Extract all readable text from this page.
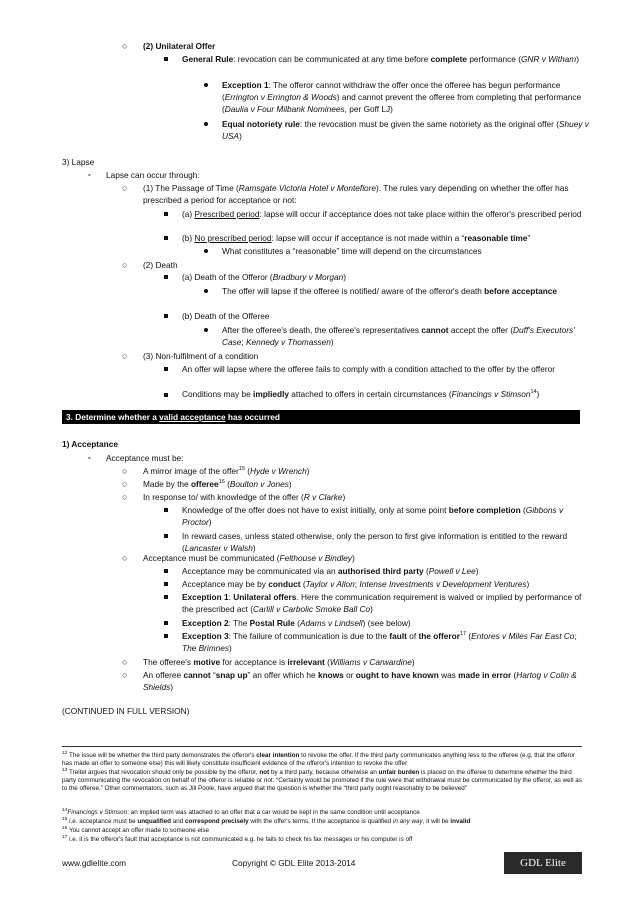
○ (2) Unilateral Offer
General Rule: revocation can be communicated at any time before complete performance (GNR v Witham)
Exception 1: The offeror cannot withdraw the offer once the offeree has begun performance (Errington v Errington & Woods) and cannot prevent the offeree from completing that performance (Daulia v Four Milbank Nominees, per Goff LJ)
Equal notoriety rule: the revocation must be given the same notoriety as the original offer (Shuey v USA)
3) Lapse
- Lapse can occur through:
○ (1) The Passage of Time (Ramsgate Victoria Hotel v Montefiore). The rules vary depending on whether the offer has prescribed a period for acceptance or not:
(a) Prescribed period: lapse will occur if acceptance does not take place within the offeror's prescribed period
(b) No prescribed period: lapse will occur if acceptance is not made within a “reasonable time”
What constitutes a “reasonable” time will depend on the circumstances
○ (2) Death
(a) Death of the Offeror (Bradbury v Morgan)
The offer will lapse if the offeree is notified/ aware of the offeror's death before acceptance
(b) Death of the Offeree
After the offeree's death, the offeree's representatives cannot accept the offer (Duff's Executors' Case; Kennedy v Thomassen)
○ (3) Non-fulfilment of a condition
An offer will lapse where the offeree fails to comply with a condition attached to the offer by the offeror
Conditions may be impliedly attached to offers in certain circumstances (Financings v Stimson$^{14}$)
3. Determine whether a valid acceptance has occurred
1) Acceptance
- Acceptance must be:
○ A mirror image of the offer$^{15}$ (Hyde v Wrench)
○ Made by the offeree$^{16}$ (Boulton v Jones)
○ In response to/ with knowledge of the offer (R v Clarke)
Knowledge of the offer does not have to exist initially, only at some point before completion (Gibbons v Proctor)
In reward cases, unless stated otherwise, only the person to first give information is entitled to the reward (Lancaster v Walsh)
○ Acceptance must be communicated (Felthouse v Bindley)
Acceptance may be communicated via an authorised third party (Powell v Lee)
Acceptance may be by conduct (Taylor v Allon; Intense Investments v Development Ventures)
Exception 1: Unilateral offers. Here the communication requirement is waived or implied by performance of the prescribed act (Carlill v Carbolic Smoke Ball Co)
Exception 2: The Postal Rule (Adams v Lindsell) (see below)
Exception 3: The failure of communication is due to the fault of the offeror$^{17}$ (Entores v Miles Far East Co; The Brimnes)
○ The offeree's motive for acceptance is irrelevant (Williams v Carwardine)
○ An offeree cannot “snap up” an offer which he knows or ought to have known was made in error (Hartog v Colin & Shields)
(CONTINUED IN FULL VERSION)
$^{12}$ The issue will be whether the third party demonstrates the offeror's clear intention to revoke the offer. If the third party communicates anything less to the offeree (e.g. that the offeror has made an offer to someone else) this will likely constitute insufficient evidence of the offeror's intention to revoke the offer
$^{13}$ Treitel argues that revocation should only be possible by the offeror, not by a third party, because otherwise an unfair burden is placed on the offeree to determine whether the third party communicating the revocation on behalf of the offeror is reliable or not: “Certainty would be promoted if the rule were that withdrawal must be communicated by the offeror, as well as to the offeree.” Other commentators, such as Jill Poole, have argued that the question is whether the “third party ought reasonably to be believed”
$^{14}$Financings v Stimson: an implied term was attached to an offer that a car would be kept in the same condition until acceptance
$^{15}$ i.e. acceptance must be unqualified and correspond precisely with the offer's terms. If the acceptance is qualified in any way, it will be invalid
$^{16}$ You cannot accept an offer made to someone else
$^{17}$ i.e. it is the offeror's fault that acceptance is not communicated e.g. he fails to check his fax messages or his computer is off
www.gdlelite.com	Copyright © GDL Elite 2013-2014	GDL Elite
